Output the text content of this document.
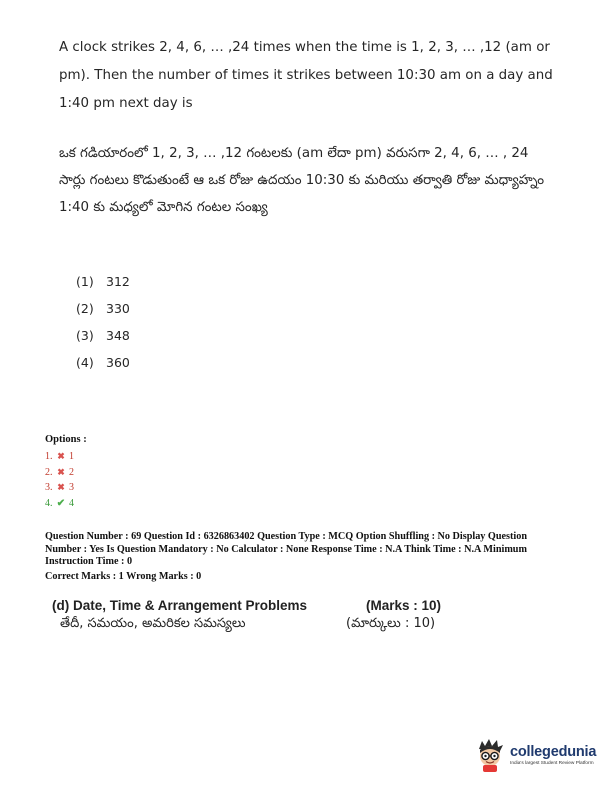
A clock strikes 2, 4, 6, … ,24 times when the time is 1, 2, 3, … ,12 (am or pm). Then the number of times it strikes between 10:30 am on a day and 1:40 pm next day is
ఒక గడియారంలో 1, 2, 3, … ,12 గంటలకు (am లేదా pm) వరుసగా 2, 4, 6, … , 24 సార్లు గంటలు కొడుతుంటే ఆ ఒక రోజు ఉదయం 10:30 కు మరియు తర్వాతి రోజు మధ్యాహ్నం 1:40 కు మధ్యలో మోగిన గంటల సంఖ్య
(1) 312
(2) 330
(3) 348
(4) 360
Options :
1. ✖ 1
2. ✖ 2
3. ✖ 3
4. ✔ 4
Question Number : 69 Question Id : 6326863402 Question Type : MCQ Option Shuffling : No Display Question Number : Yes Is Question Mandatory : No Calculator : None Response Time : N.A Think Time : N.A Minimum Instruction Time : 0
Correct Marks : 1 Wrong Marks : 0
(d) Date, Time & Arrangement Problems	(Marks : 10)
తేదీ, సమయం, అమరికల సమస్యలు	(మార్కులు : 10)
collegedunia
India's largest Student Review Platform
